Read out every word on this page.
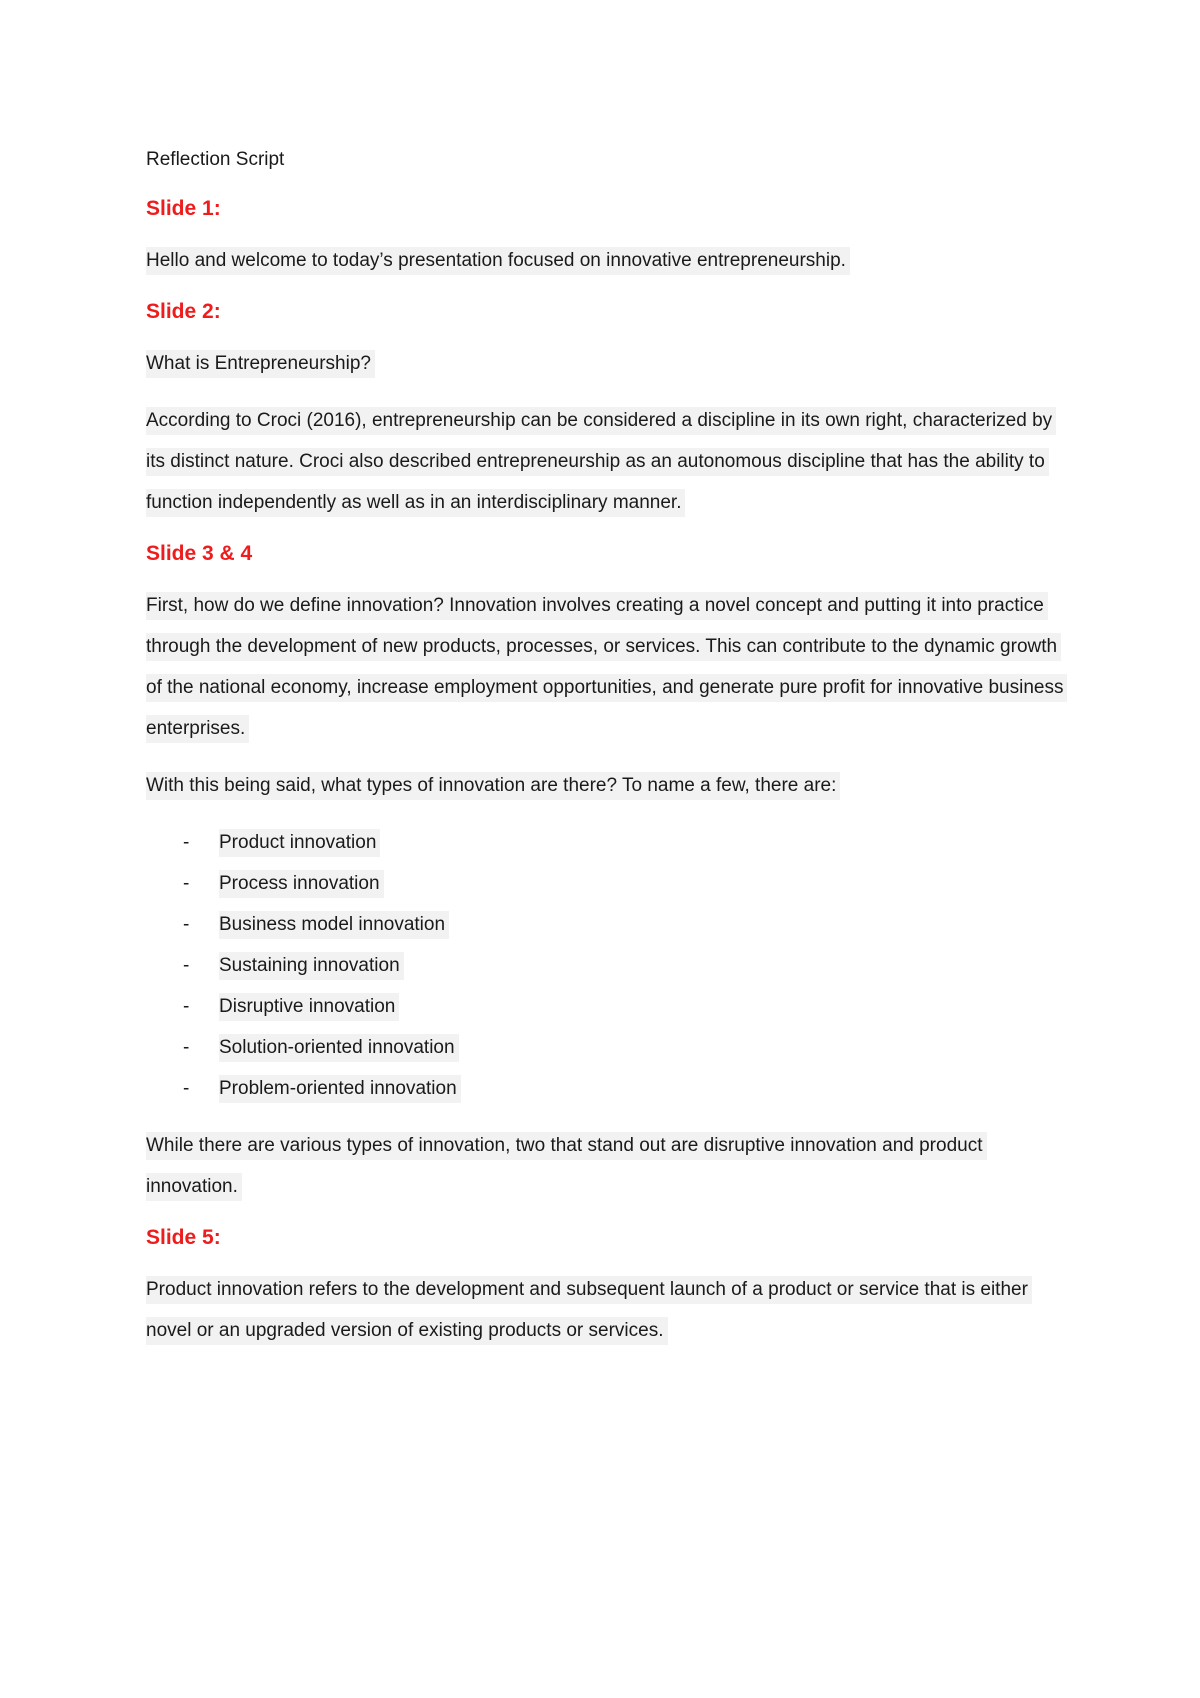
Reflection Script

Slide 1:

Hello and welcome to today’s presentation focused on innovative entrepreneurship.

Slide 2:

What is Entrepreneurship?

According to Croci (2016), entrepreneurship can be considered a discipline in its own right, characterized by its distinct nature. Croci also described entrepreneurship as an autonomous discipline that has the ability to function independently as well as in an interdisciplinary manner.

Slide 3 & 4

First, how do we define innovation? Innovation involves creating a novel concept and putting it into practice through the development of new products, processes, or services. This can contribute to the dynamic growth of the national economy, increase employment opportunities, and generate pure profit for innovative business enterprises.

With this being said, what types of innovation are there? To name a few, there are:

- Product innovation
- Process innovation
- Business model innovation
- Sustaining innovation
- Disruptive innovation
- Solution-oriented innovation
- Problem-oriented innovation

While there are various types of innovation, two that stand out are disruptive innovation and product innovation.

Slide 5:

Product innovation refers to the development and subsequent launch of a product or service that is either novel or an upgraded version of existing products or services.
